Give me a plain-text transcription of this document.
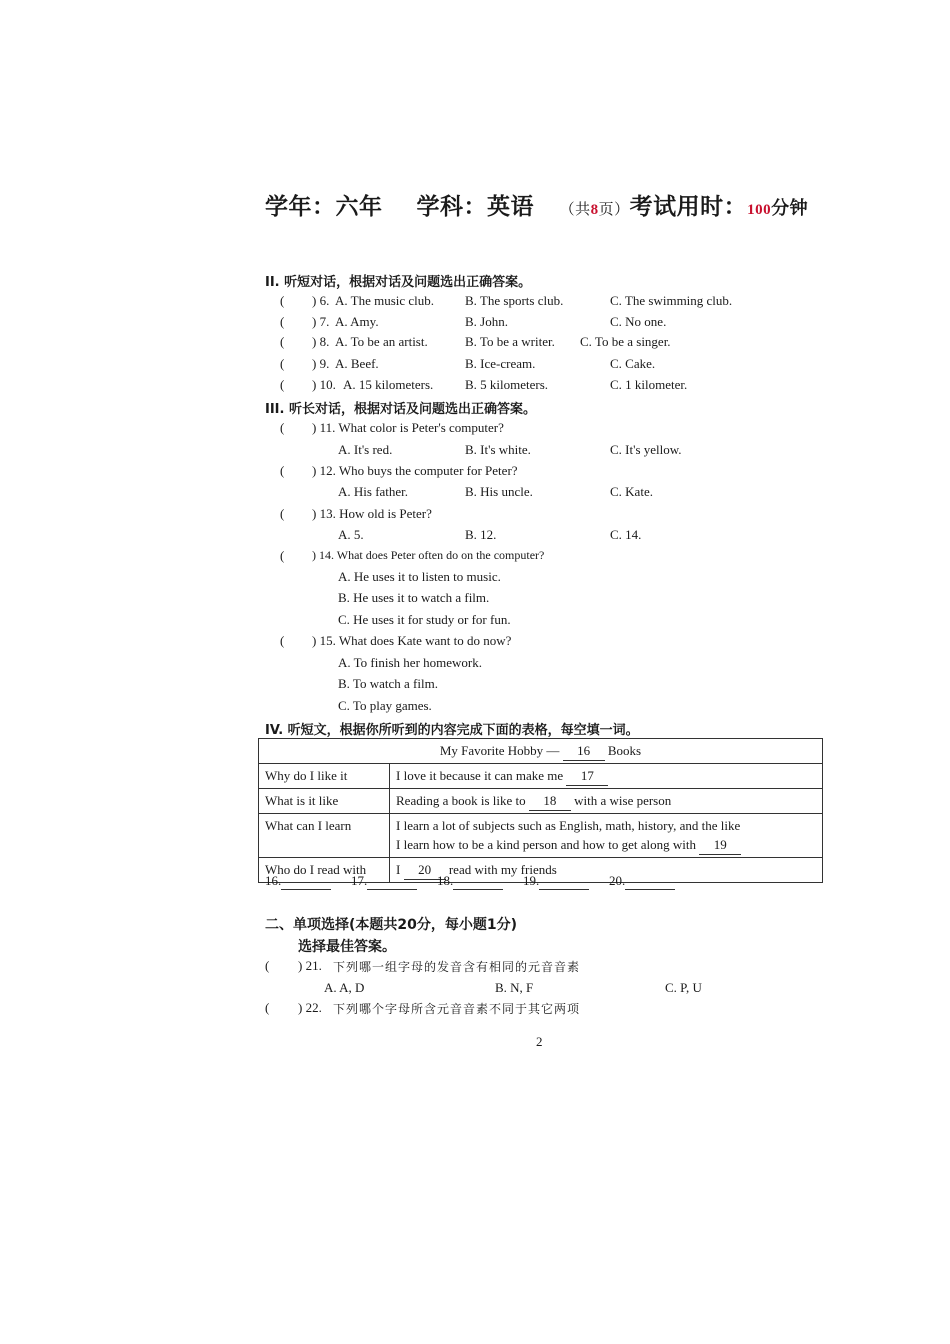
学年：六年 学科：英语 （共8页）考试用时：100分钟
II. 听短对话，根据对话及问题选出正确答案。
( ) 6. A. The music club. B. The sports club.	C. The swimming club.
( ) 7. A. Amy.	B. John.	C. No one.
( ) 8. A. To be an artist.	B. To be a writer. C. To be a singer.
( ) 9. A. Beef.	B. Ice-cream.	C. Cake.
( ) 10. A. 15 kilometers. B. 5 kilometers.	C. 1 kilometer.
III. 听长对话，根据对话及问题选出正确答案。
( ) 11. What color is Peter's computer?
A. It's red.	B. It's white.	C. It's yellow.
( ) 12. Who buys the computer for Peter?
A. His father.	B. His uncle.	C. Kate.
( ) 13. How old is Peter?
A. 5.	B. 12.	C. 14.
( ) 14. What does Peter often do on the computer?
A. He uses it to listen to music.
B. He uses it to watch a film.
C. He uses it for study or for fun.
( ) 15. What does Kate want to do now?
A. To finish her homework.
B. To watch a film.
C. To play games.
IV. 听短文，根据你所听到的内容完成下面的表格，每空填一词。
My Favorite Hobby — 16 Books	
Why do I like it	I love it because it can make me 17
What is it like	Reading a book is like to 18 with a wise person
What can I learn	I learn a lot of subjects such as English, math, history, and the like
I learn how to be a kind person and how to get along with 19

Who do I read with	I 20 read with my friends
16.	17.	18.	19.	20.
二、单项选择(本题共20分，每小题1分)
选择最佳答案。
( ) 21. 下列哪一组字母的发音含有相同的元音音素
A. A, D	B. N, F	C. P, U
( ) 22. 下列哪个字母所含元音音素不同于其它两项
2
